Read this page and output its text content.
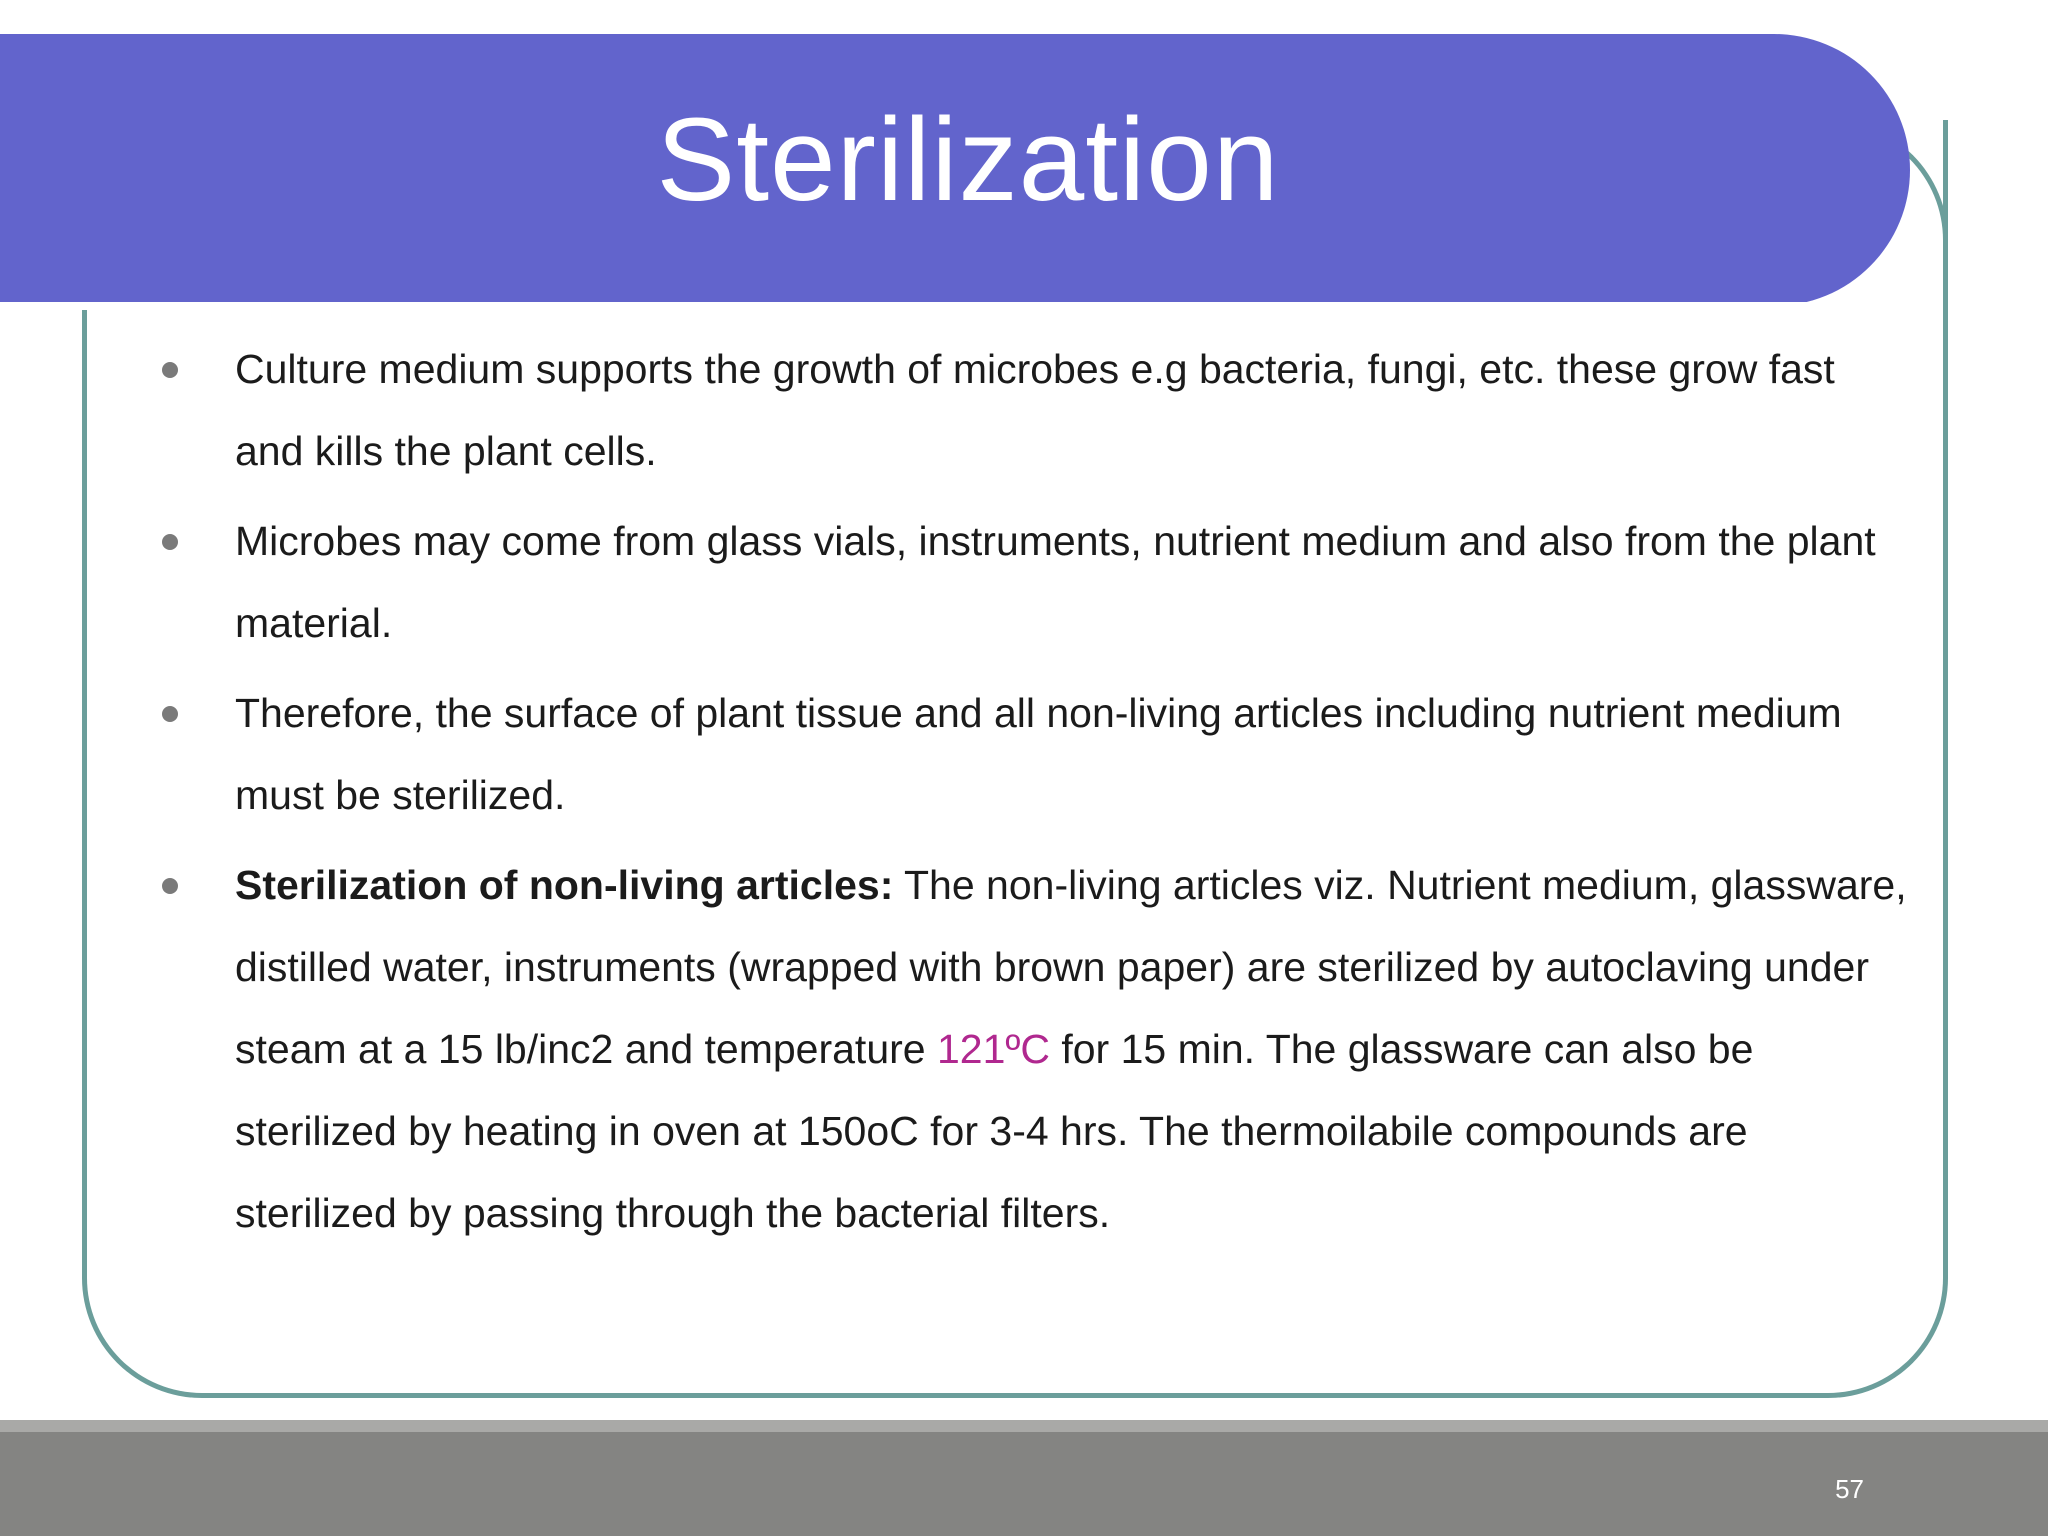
Sterilization
Culture medium supports the growth of microbes e.g bacteria, fungi, etc. these grow fast and kills the plant cells.
Microbes may come from glass vials, instruments, nutrient medium and also from the plant material.
Therefore, the surface of plant tissue and all non-living articles including nutrient medium must be sterilized.
Sterilization of non-living articles: The non-living articles viz. Nutrient medium, glassware, distilled water, instruments (wrapped with brown paper) are sterilized by autoclaving under steam at a 15 lb/inc2 and temperature 121ºC for 15 min. The glassware can also be sterilized by heating in oven at 150oC for 3-4 hrs. The thermoilabile compounds are sterilized by passing through the bacterial filters.
57
